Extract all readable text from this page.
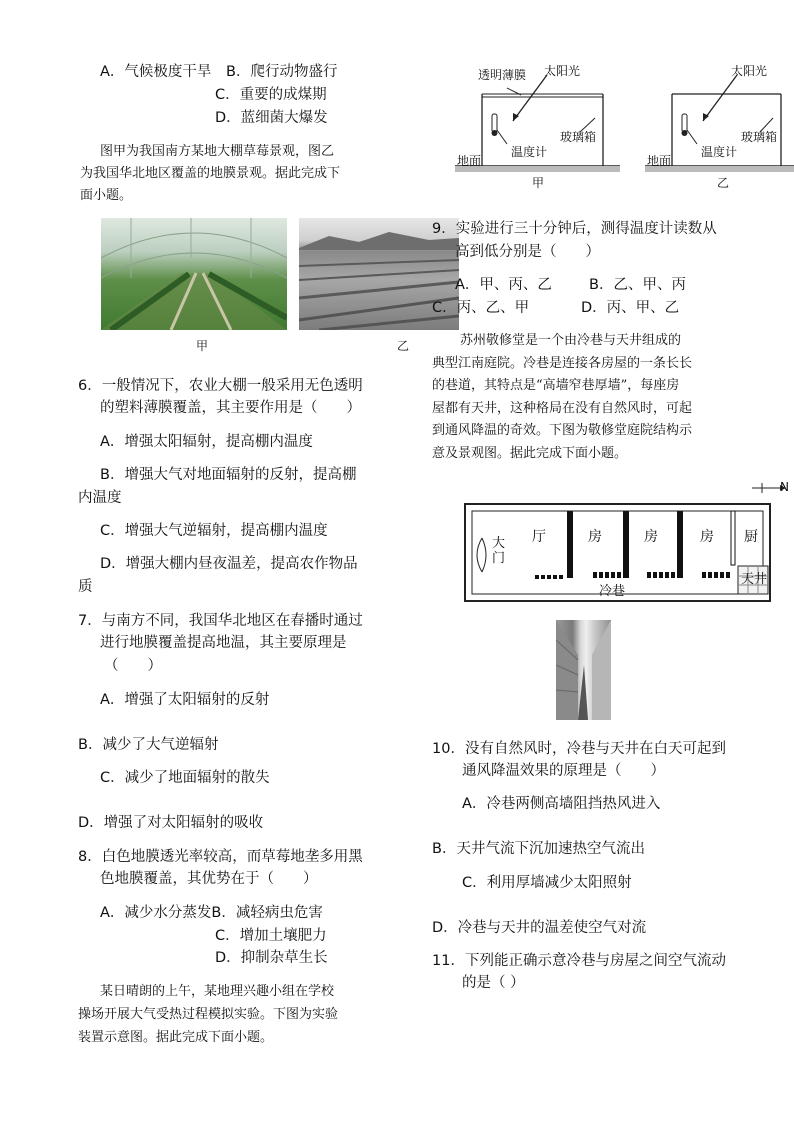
A．气候极度干旱 B．爬行动物盛行
C．重要的成煤期
D．蓝细菌大爆发
图甲为我国南方某地大棚草莓景观，图乙
为我国华北地区覆盖的地膜景观。据此完成下
面小题。
甲	乙
6．一般情况下，农业大棚一般采用无色透明
的塑料薄膜覆盖，其主要作用是（　　）
A．增强太阳辐射，提高棚内温度
B．增强大气对地面辐射的反射，提高棚
内温度
C．增强大气逆辐射，提高棚内温度
D．增强大棚内昼夜温差，提高农作物品
质
7．与南方不同，我国华北地区在春播时通过
进行地膜覆盖提高地温，其主要原理是
（　　）
A．增强了太阳辐射的反射
B．减少了大气逆辐射
C．减少了地面辐射的散失
D．增强了对太阳辐射的吸收
8．白色地膜透光率较高，而草莓地垄多用黑
色地膜覆盖，其优势在于（　　）
A．减少水分蒸发B．减轻病虫危害
C．增加土壤肥力
D．抑制杂草生长
某日晴朗的上午，某地理兴趣小组在学校
操场开展大气受热过程模拟实验。下图为实验
装置示意图。据此完成下面小题。
透明薄膜 太阳光
玻璃箱
温度计
地面
甲
太阳光
玻璃箱
温度计
地面
乙
9．实验进行三十分钟后，测得温度计读数从
高到低分别是（　　）
A．甲、丙、乙	B．乙、甲、丙
C．丙、乙、甲	D．丙、甲、乙
苏州敬修堂是一个由冷巷与天井组成的
典型江南庭院。冷巷是连接各房屋的一条长长
的巷道，其特点是“高墙窄巷厚墙”，每座房
屋都有天井，这种格局在没有自然风时，可起
到通风降温的奇效。下图为敬修堂庭院结构示
意及景观图。据此完成下面小题。
N
大门
厅	房	房	房 厨
天井
冷巷
10．没有自然风时，冷巷与天井在白天可起到
通风降温效果的原理是（　　）
A．冷巷两侧高墙阻挡热风进入
B．天井气流下沉加速热空气流出
C．利用厚墙减少太阳照射
D．冷巷与天井的温差使空气对流
11．下列能正确示意冷巷与房屋之间空气流动
的是（ ）
